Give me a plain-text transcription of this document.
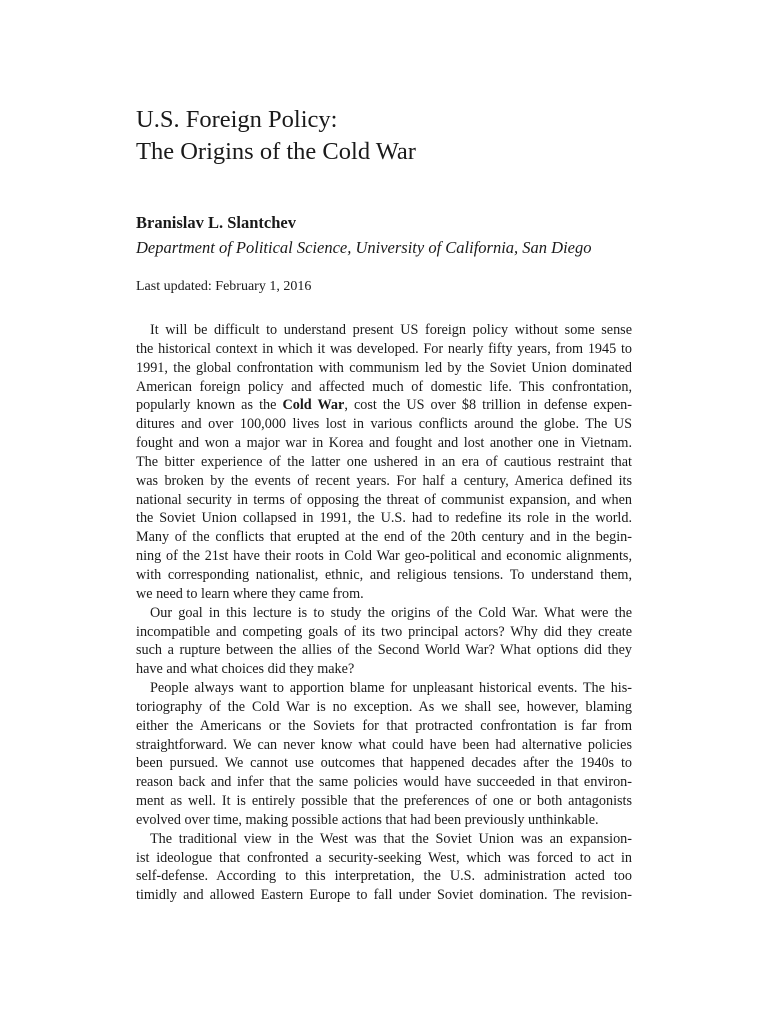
U.S. Foreign Policy:
The Origins of the Cold War
Branislav L. Slantchev
Department of Political Science, University of California, San Diego
Last updated: February 1, 2016
It will be difficult to understand present US foreign policy without some sense
the historical context in which it was developed. For nearly fifty years, from 1945 to
1991, the global confrontation with communism led by the Soviet Union dominated
American foreign policy and affected much of domestic life. This confrontation,
popularly known as the Cold War, cost the US over $8 trillion in defense expen-
ditures and over 100,000 lives lost in various conflicts around the globe. The US
fought and won a major war in Korea and fought and lost another one in Vietnam.
The bitter experience of the latter one ushered in an era of cautious restraint that
was broken by the events of recent years. For half a century, America defined its
national security in terms of opposing the threat of communist expansion, and when
the Soviet Union collapsed in 1991, the U.S. had to redefine its role in the world.
Many of the conflicts that erupted at the end of the 20th century and in the begin-
ning of the 21st have their roots in Cold War geo-political and economic alignments,
with corresponding nationalist, ethnic, and religious tensions. To understand them,
we need to learn where they came from.
Our goal in this lecture is to study the origins of the Cold War. What were the
incompatible and competing goals of its two principal actors? Why did they create
such a rupture between the allies of the Second World War? What options did they
have and what choices did they make?
People always want to apportion blame for unpleasant historical events. The his-
toriography of the Cold War is no exception. As we shall see, however, blaming
either the Americans or the Soviets for that protracted confrontation is far from
straightforward. We can never know what could have been had alternative policies
been pursued. We cannot use outcomes that happened decades after the 1940s to
reason back and infer that the same policies would have succeeded in that environ-
ment as well. It is entirely possible that the preferences of one or both antagonists
evolved over time, making possible actions that had been previously unthinkable.
The traditional view in the West was that the Soviet Union was an expansion-
ist ideologue that confronted a security-seeking West, which was forced to act in
self-defense. According to this interpretation, the U.S. administration acted too
timidly and allowed Eastern Europe to fall under Soviet domination. The revision-
